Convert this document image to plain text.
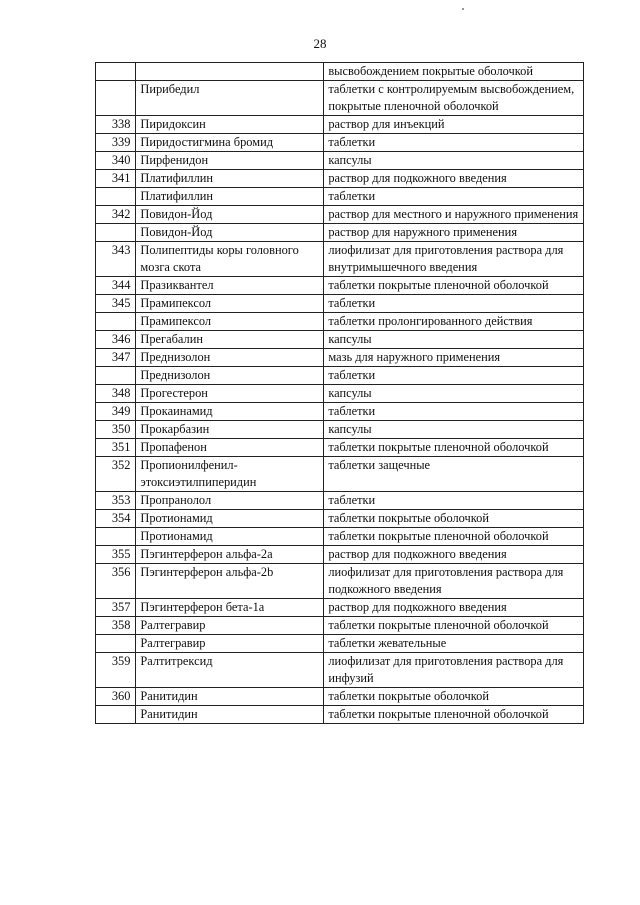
28
		высвобождением покрытые оболочкой
	Пирибедил	таблетки с контролируемым высвобождением, покрытые пленочной оболочкой
338	Пиридоксин	раствор для инъекций
339	Пиридостигмина бромид	таблетки
340	Пирфенидон	капсулы
341	Платифиллин	раствор для подкожного введения
	Платифиллин	таблетки
342	Повидон-Йод	раствор для местного и наружного применения
	Повидон-Йод	раствор для наружного применения
343	Полипептиды коры головного мозга скота	лиофилизат для приготовления раствора для внутримышечного введения
344	Празиквантел	таблетки покрытые пленочной оболочкой
345	Прамипексол	таблетки
	Прамипексол	таблетки пролонгированного действия
346	Прегабалин	капсулы
347	Преднизолон	мазь для наружного применения
	Преднизолон	таблетки
348	Прогестерон	капсулы
349	Прокаинамид	таблетки
350	Прокарбазин	капсулы
351	Пропафенон	таблетки покрытые пленочной оболочкой
352	Пропионилфенил-этоксиэтилпиперидин	таблетки защечные
353	Пропранолол	таблетки
354	Протионамид	таблетки покрытые оболочкой
	Протионамид	таблетки покрытые пленочной оболочкой
355	Пэгинтерферон альфа-2а	раствор для подкожного введения
356	Пэгинтерферон альфа-2b	лиофилизат для приготовления раствора для подкожного введения
357	Пэгинтерферон бета-1а	раствор для подкожного введения
358	Ралтегравир	таблетки покрытые пленочной оболочкой
	Ралтегравир	таблетки жевательные
359	Ралтитрексид	лиофилизат для приготовления раствора для инфузий
360	Ранитидин	таблетки покрытые оболочкой
	Ранитидин	таблетки покрытые пленочной оболочкой
